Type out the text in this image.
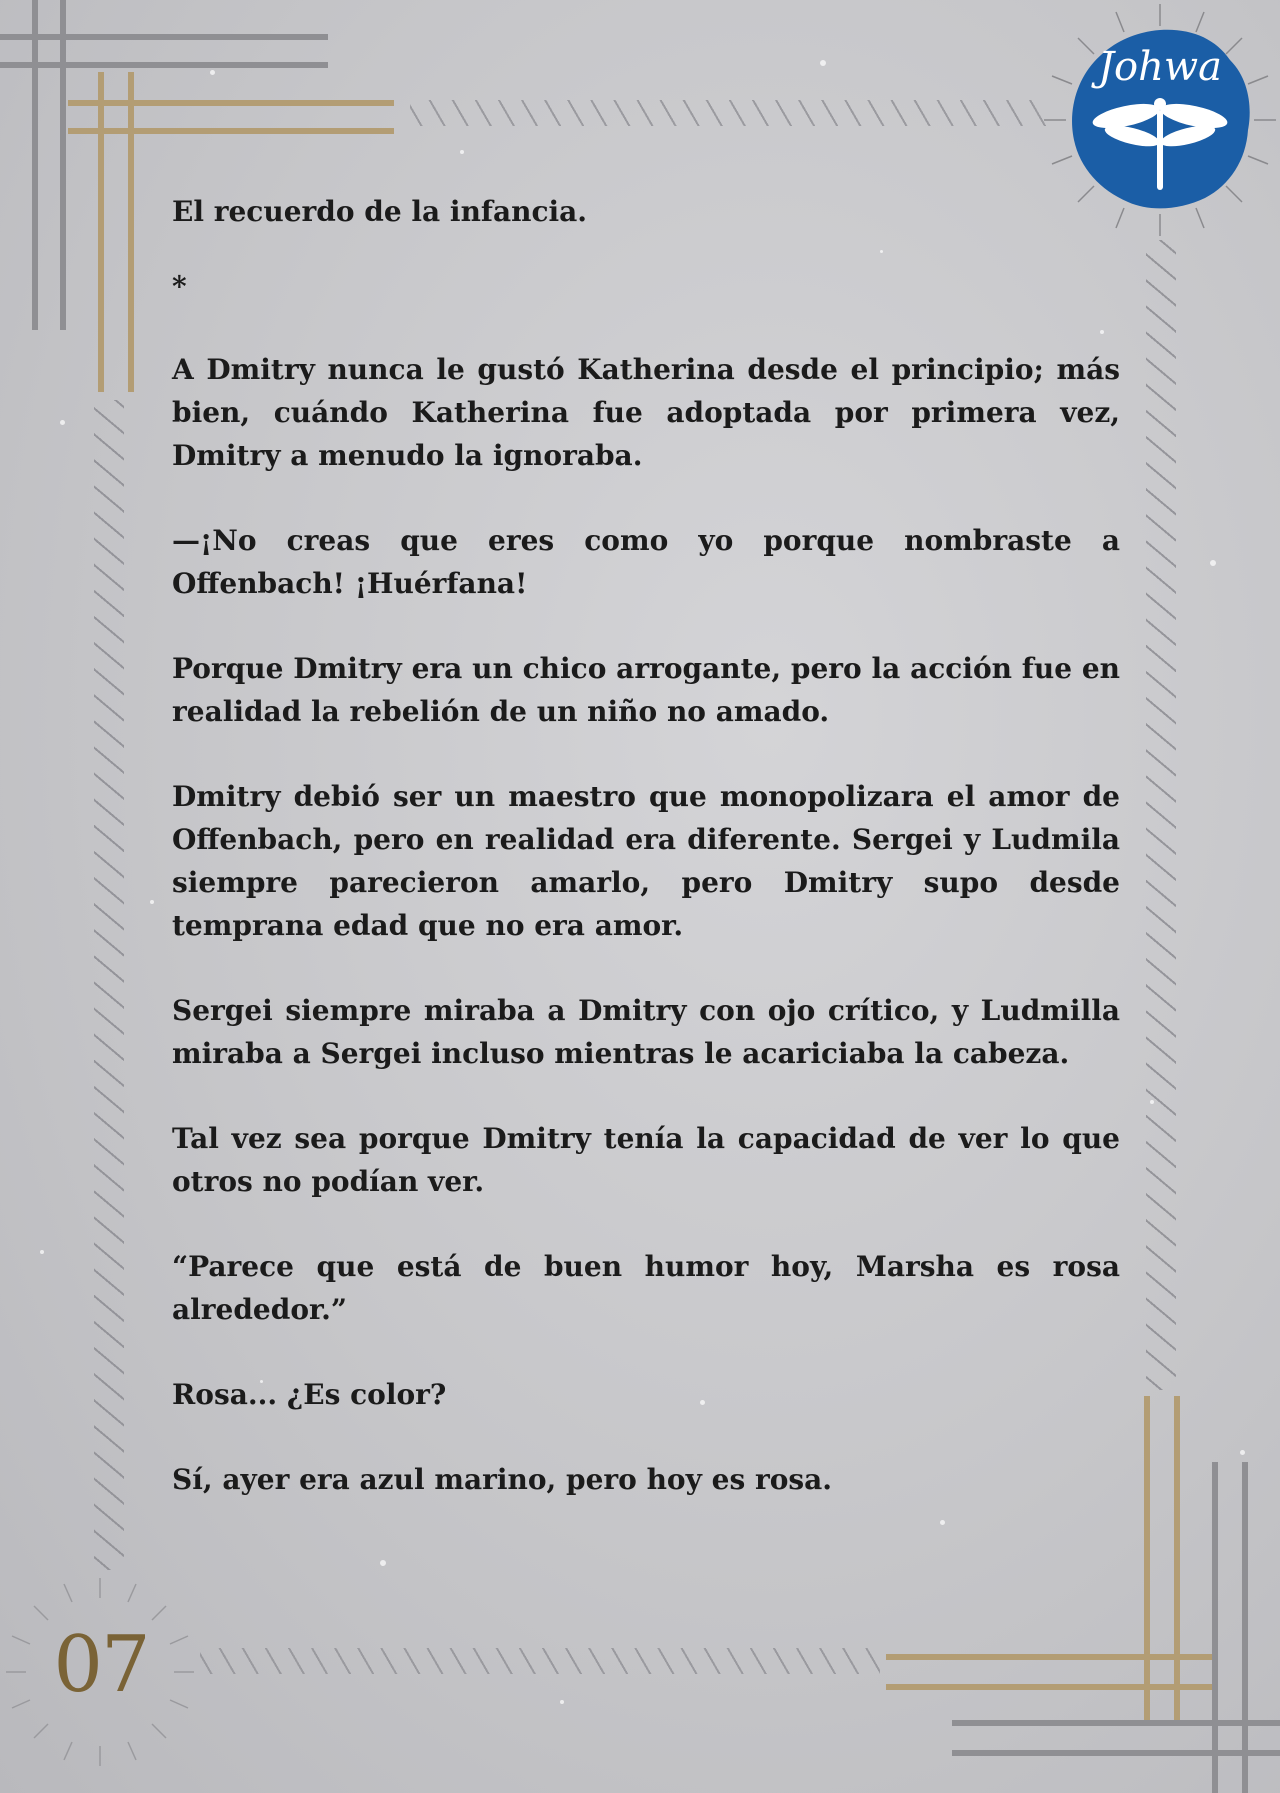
Johwa

El recuerdo de la infancia.

*

A Dmitry nunca le gustó Katherina desde el principio; más bien, cuándo Katherina fue adoptada por primera vez, Dmitry a menudo la ignoraba.

—¡No creas que eres como yo porque nombraste a Offenbach! ¡Huérfana!

Porque Dmitry era un chico arrogante, pero la acción fue en realidad la rebelión de un niño no amado.

Dmitry debió ser un maestro que monopolizara el amor de Offenbach, pero en realidad era diferente. Sergei y Ludmila siempre parecieron amarlo, pero Dmitry supo desde temprana edad que no era amor.

Sergei siempre miraba a Dmitry con ojo crítico, y Ludmilla miraba a Sergei incluso mientras le acariciaba la cabeza.

Tal vez sea porque Dmitry tenía la capacidad de ver lo que otros no podían ver.

“Parece que está de buen humor hoy, Marsha es rosa alrededor.”

Rosa... ¿Es color?

Sí, ayer era azul marino, pero hoy es rosa.

07
